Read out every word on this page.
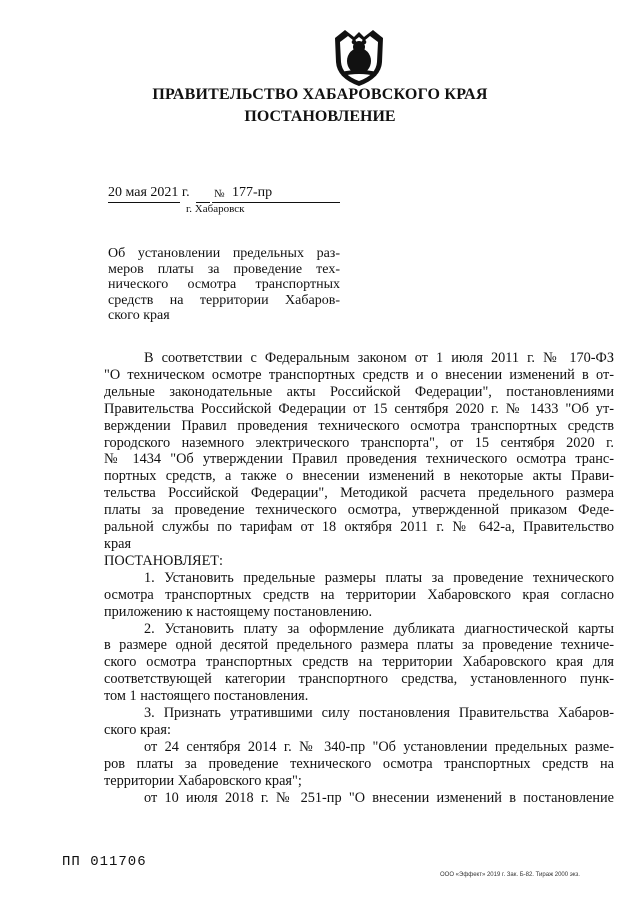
ПРАВИТЕЛЬСТВО ХАБАРОВСКОГО КРАЯ
ПОСТАНОВЛЕНИЕ
20 мая 2021 г. № 177-пр
г. Хабаровск
Об установлении предельных раз-
меров платы за проведение тех-
нического осмотра транспортных
средств на территории Хабаров-
ского края
В соответствии с Федеральным законом от 1 июля 2011 г. № 170-ФЗ
"О техническом осмотре транспортных средств и о внесении изменений в от-
дельные законодательные акты Российской Федерации", постановлениями
Правительства Российской Федерации от 15 сентября 2020 г. № 1433 "Об ут-
верждении Правил проведения технического осмотра транспортных средств
городского наземного электрического транспорта", от 15 сентября 2020 г.
№ 1434 "Об утверждении Правил проведения технического осмотра транс-
портных средств, а также о внесении изменений в некоторые акты Прави-
тельства Российской Федерации", Методикой расчета предельного размера
платы за проведение технического осмотра, утвержденной приказом Феде-
ральной службы по тарифам от 18 октября 2011 г. № 642-а, Правительство
края
ПОСТАНОВЛЯЕТ:
1. Установить предельные размеры платы за проведение технического
осмотра транспортных средств на территории Хабаровского края согласно
приложению к настоящему постановлению.
2. Установить плату за оформление дубликата диагностической карты
в размере одной десятой предельного размера платы за проведение техниче-
ского осмотра транспортных средств на территории Хабаровского края для
соответствующей категории транспортного средства, установленного пунк-
том 1 настоящего постановления.
3. Признать утратившими силу постановления Правительства Хабаров-
ского края:
от 24 сентября 2014 г. № 340-пр "Об установлении предельных разме-
ров платы за проведение технического осмотра транспортных средств на
территории Хабаровского края";
от 10 июля 2018 г. № 251-пр "О внесении изменений в постановление
ПП 011706
ООО «Эффект» 2019 г. Зак. Б-82. Тираж 2000 экз.
